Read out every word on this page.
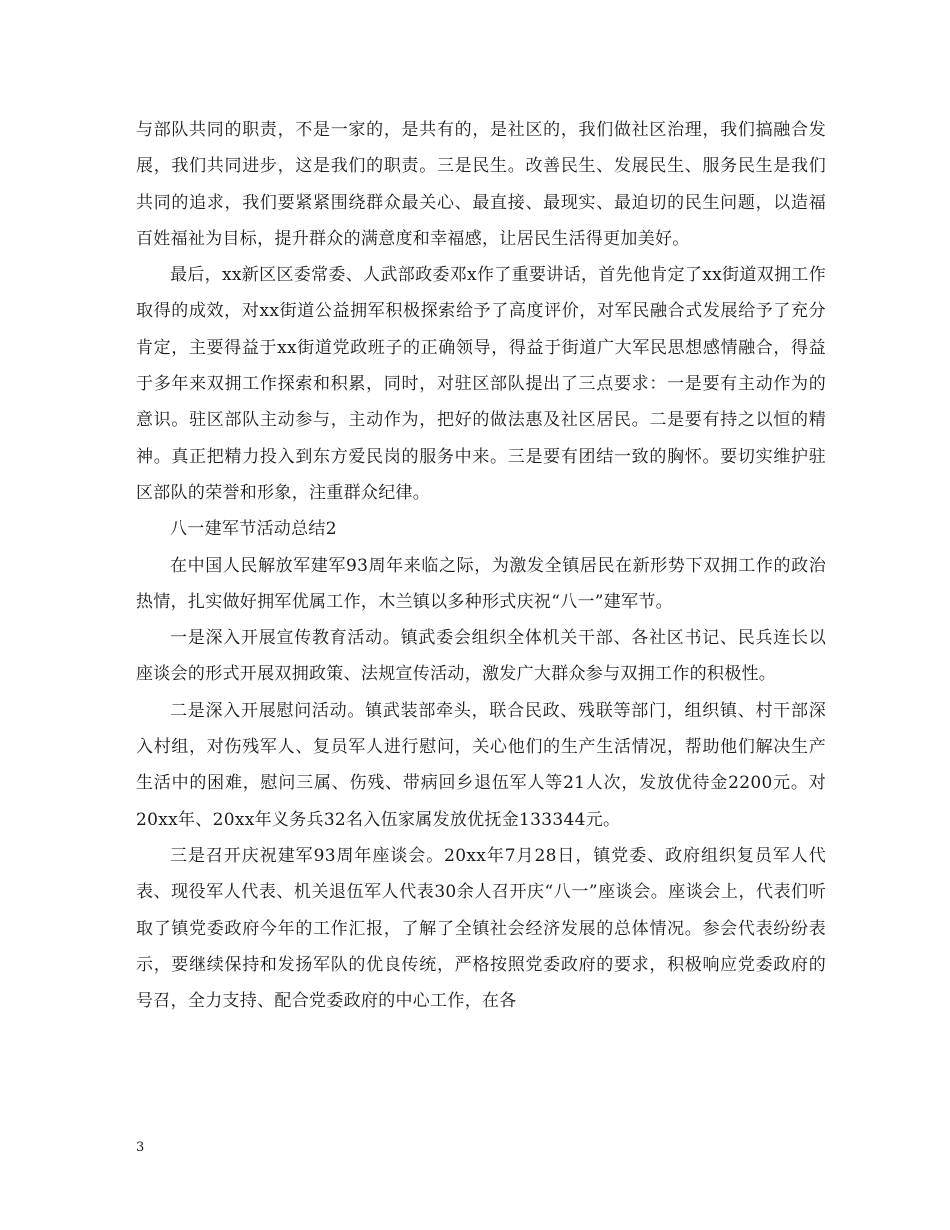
与部队共同的职责，不是一家的，是共有的，是社区的，我们做社区治理，我们搞融合发展，我们共同进步，这是我们的职责。三是民生。改善民生、发展民生、服务民生是我们共同的追求，我们要紧紧围绕群众最关心、最直接、最现实、最迫切的民生问题，以造福百姓福祉为目标，提升群众的满意度和幸福感，让居民生活得更加美好。

最后，xx新区区委常委、人武部政委邓x作了重要讲话，首先他肯定了xx街道双拥工作取得的成效，对xx街道公益拥军积极探索给予了高度评价，对军民融合式发展给予了充分肯定，主要得益于xx街道党政班子的正确领导，得益于街道广大军民思想感情融合，得益于多年来双拥工作探索和积累，同时，对驻区部队提出了三点要求：一是要有主动作为的意识。驻区部队主动参与，主动作为，把好的做法惠及社区居民。二是要有持之以恒的精神。真正把精力投入到东方爱民岗的服务中来。三是要有团结一致的胸怀。要切实维护驻区部队的荣誉和形象，注重群众纪律。

八一建军节活动总结2

在中国人民解放军建军93周年来临之际，为激发全镇居民在新形势下双拥工作的政治热情，扎实做好拥军优属工作，木兰镇以多种形式庆祝“八一”建军节。

一是深入开展宣传教育活动。镇武委会组织全体机关干部、各社区书记、民兵连长以座谈会的形式开展双拥政策、法规宣传活动，激发广大群众参与双拥工作的积极性。

二是深入开展慰问活动。镇武装部牵头，联合民政、残联等部门，组织镇、村干部深入村组，对伤残军人、复员军人进行慰问，关心他们的生产生活情况，帮助他们解决生产生活中的困难，慰问三属、伤残、带病回乡退伍军人等21人次，发放优待金2200元。对20xx年、20xx年义务兵32名入伍家属发放优抚金133344元。

三是召开庆祝建军93周年座谈会。20xx年7月28日，镇党委、政府组织复员军人代表、现役军人代表、机关退伍军人代表30余人召开庆“八一”座谈会。座谈会上，代表们听取了镇党委政府今年的工作汇报，了解了全镇社会经济发展的总体情况。参会代表纷纷表示，要继续保持和发扬军队的优良传统，严格按照党委政府的要求，积极响应党委政府的号召，全力支持、配合党委政府的中心工作，在各

3
